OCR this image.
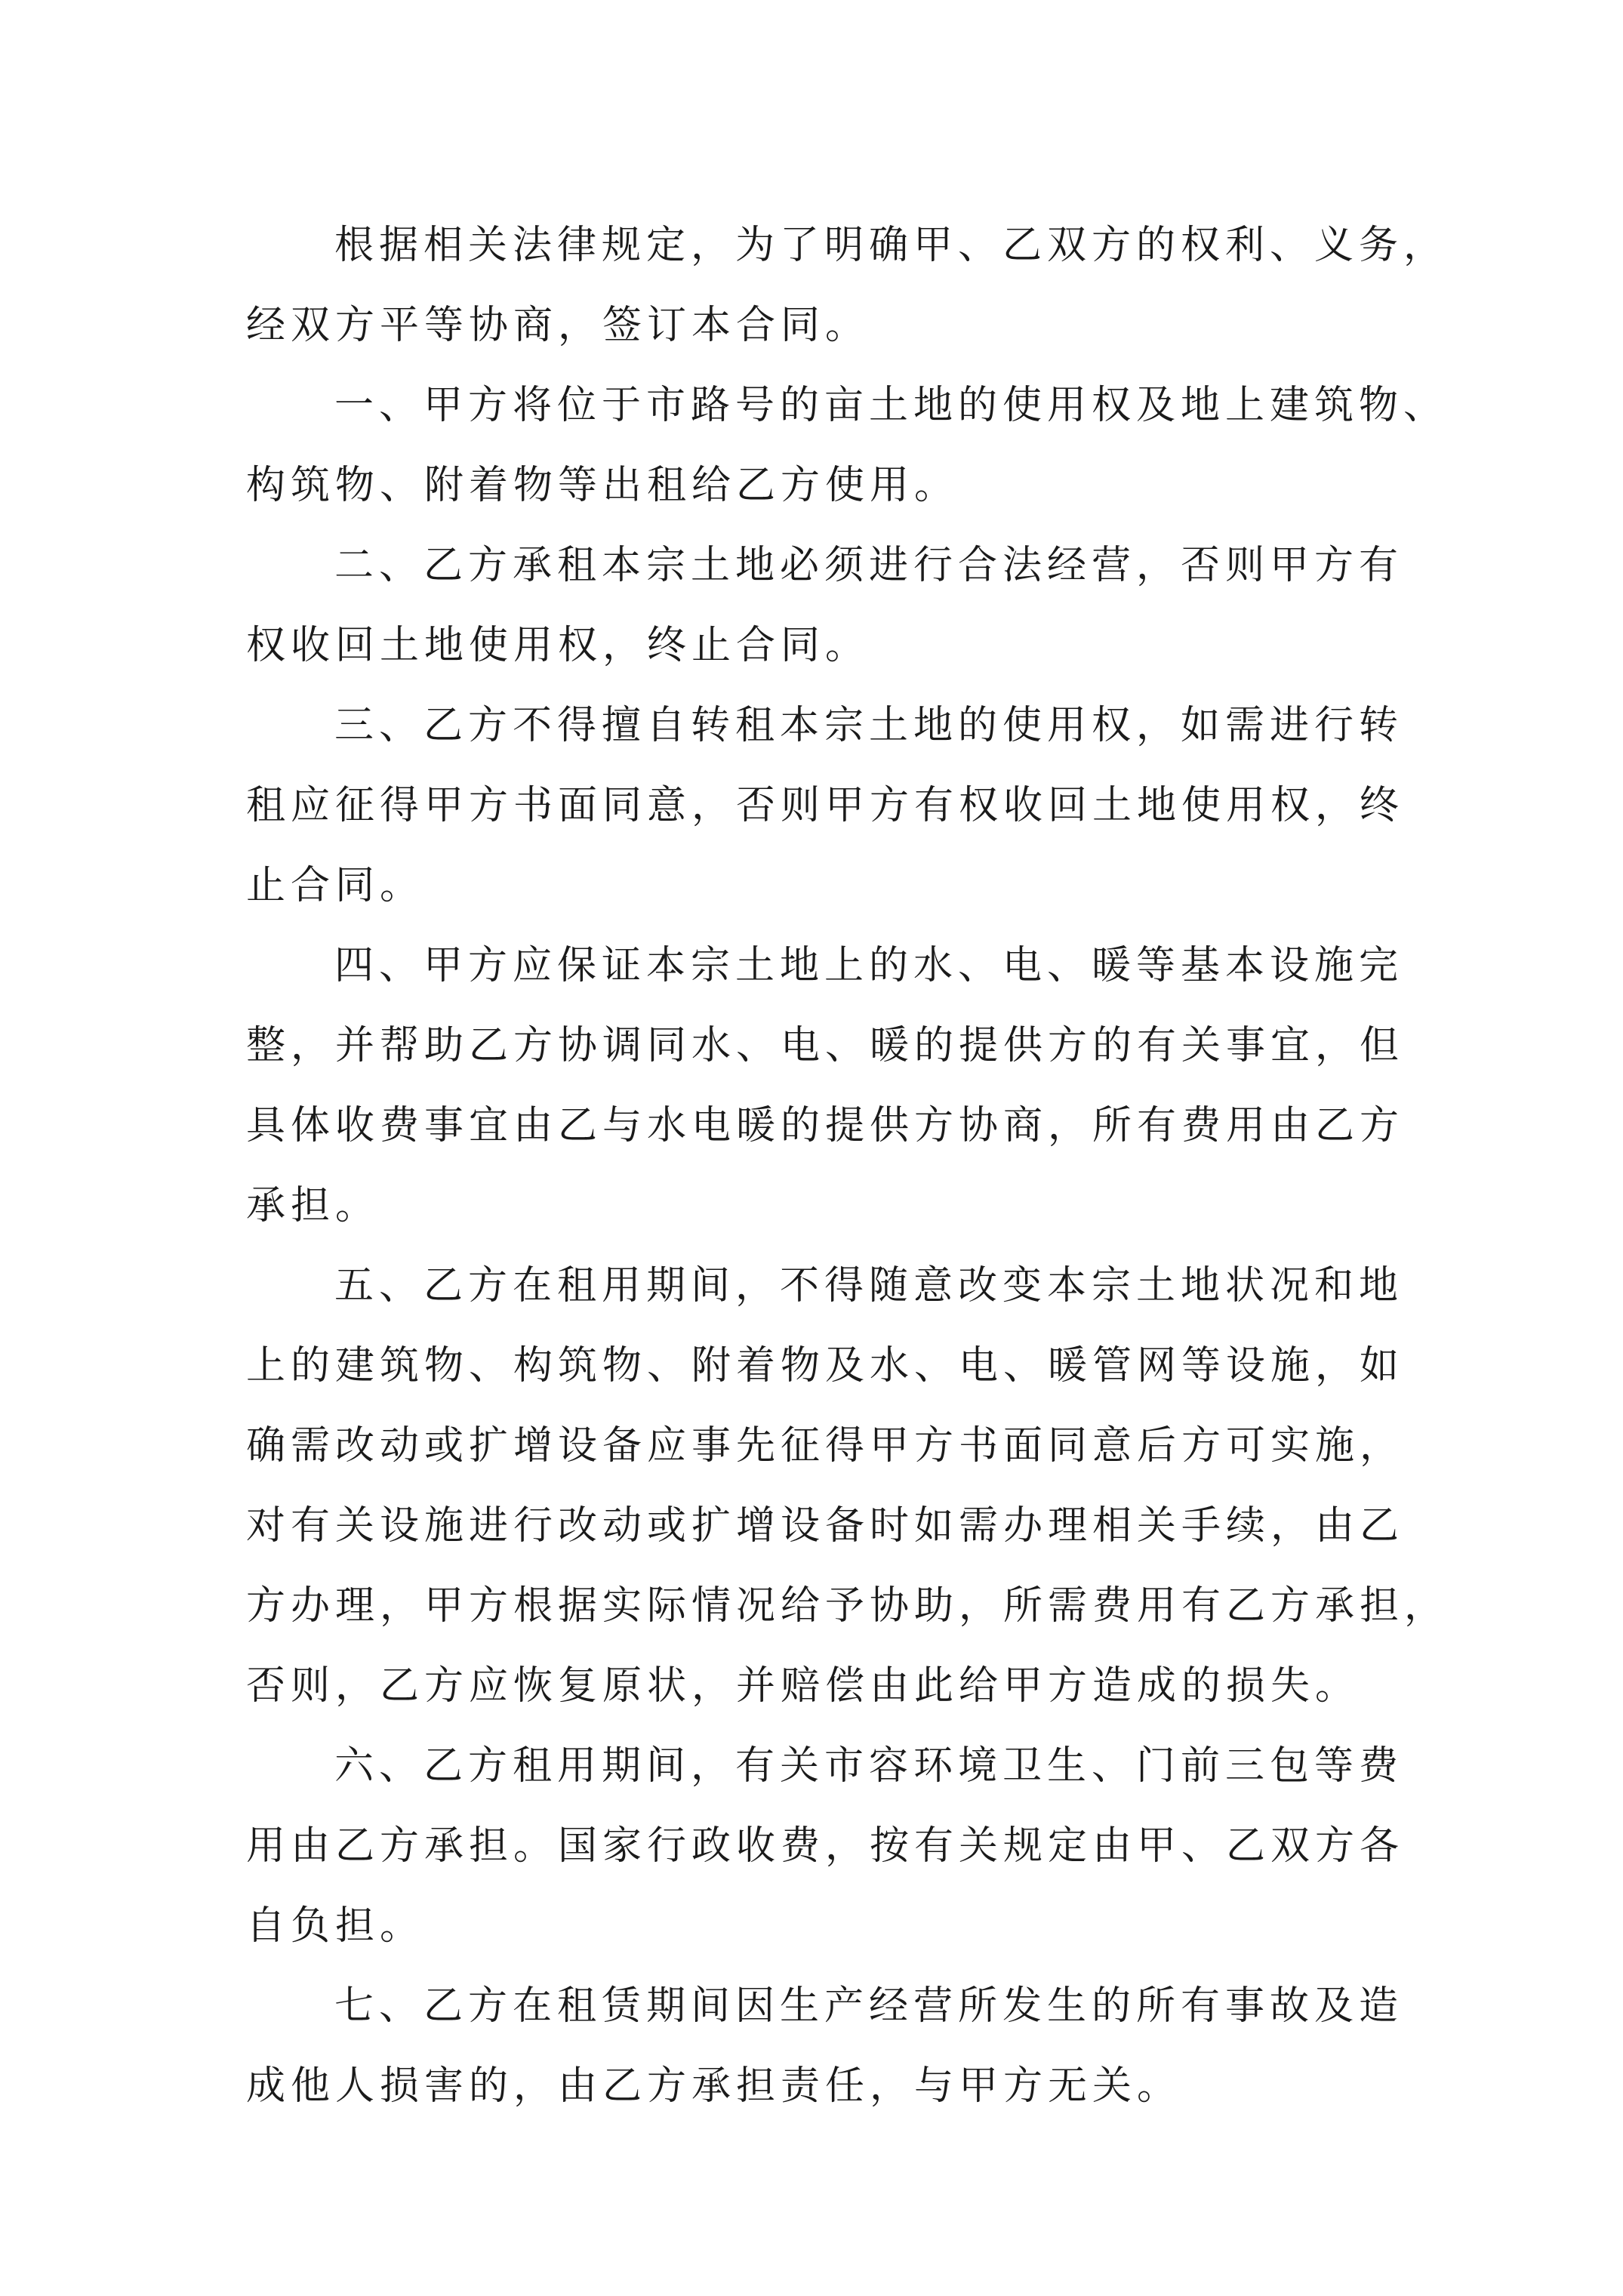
根据相关法律规定，为了明确甲、乙双方的权利、义务，
经双方平等协商，签订本合同。
一、甲方将位于市路号的亩土地的使用权及地上建筑物、
构筑物、附着物等出租给乙方使用。
二、乙方承租本宗土地必须进行合法经营，否则甲方有
权收回土地使用权，终止合同。
三、乙方不得擅自转租本宗土地的使用权，如需进行转
租应征得甲方书面同意，否则甲方有权收回土地使用权，终
止合同。
四、甲方应保证本宗土地上的水、电、暖等基本设施完
整，并帮助乙方协调同水、电、暖的提供方的有关事宜，但
具体收费事宜由乙与水电暖的提供方协商，所有费用由乙方
承担。
五、乙方在租用期间，不得随意改变本宗土地状况和地
上的建筑物、构筑物、附着物及水、电、暖管网等设施，如
确需改动或扩增设备应事先征得甲方书面同意后方可实施，
对有关设施进行改动或扩增设备时如需办理相关手续，由乙
方办理，甲方根据实际情况给予协助，所需费用有乙方承担，
否则，乙方应恢复原状，并赔偿由此给甲方造成的损失。
六、乙方租用期间，有关市容环境卫生、门前三包等费
用由乙方承担。国家行政收费，按有关规定由甲、乙双方各
自负担。
七、乙方在租赁期间因生产经营所发生的所有事故及造
成他人损害的，由乙方承担责任，与甲方无关。
